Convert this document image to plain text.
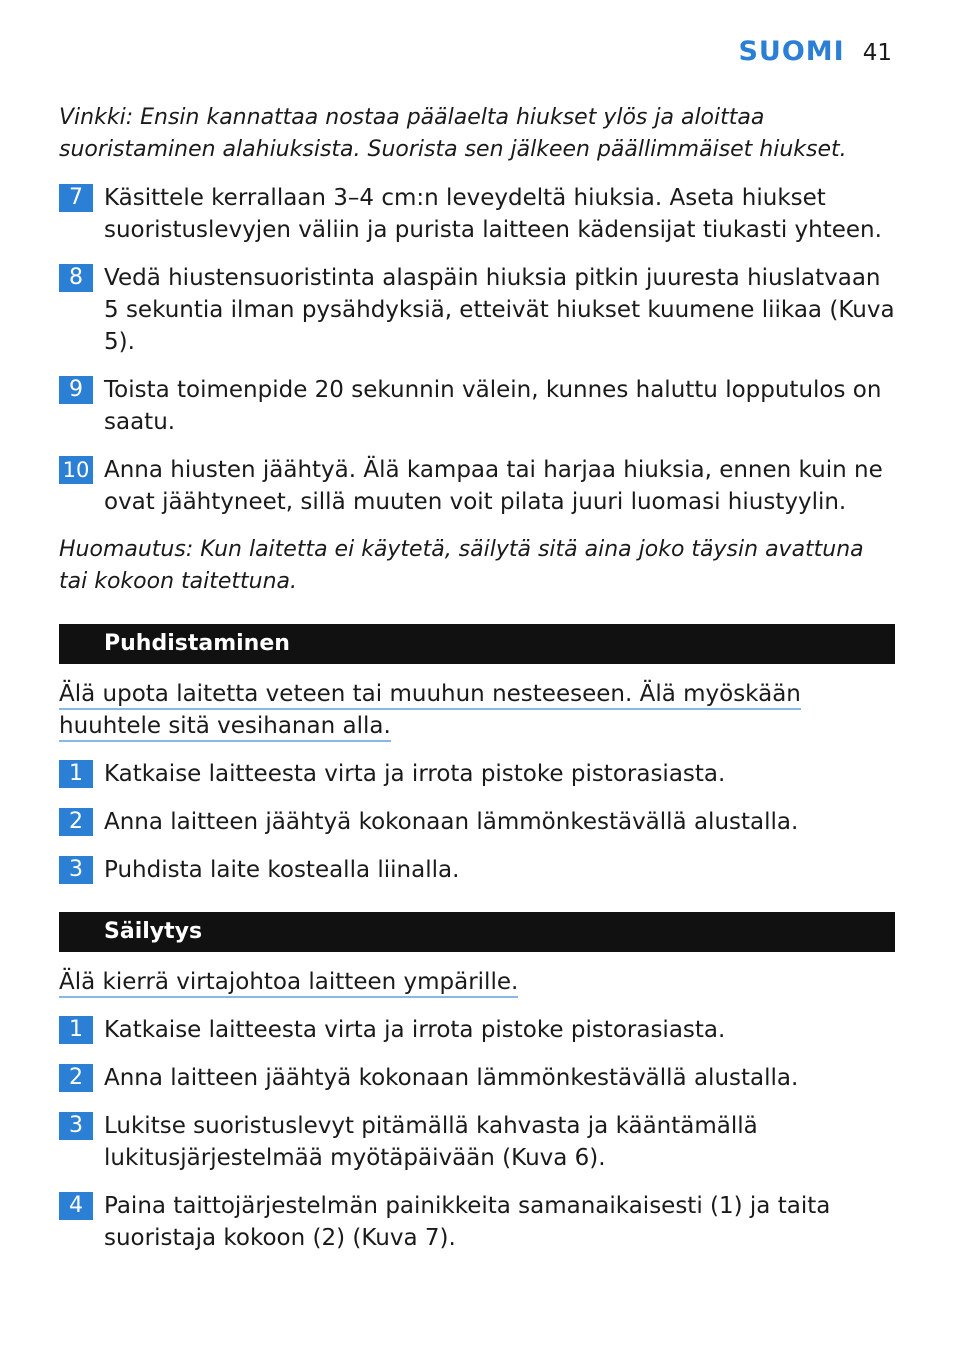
SUOMI 41

Vinkki: Ensin kannattaa nostaa päälaelta hiukset ylös ja aloittaa suoristaminen alahiuksista. Suorista sen jälkeen päällimmäiset hiukset.

7 Käsittele kerrallaan 3–4 cm:n leveydeltä hiuksia. Aseta hiukset suoristuslevyjen väliin ja purista laitteen kädensijat tiukasti yhteen.
8 Vedä hiustensuoristinta alaspäin hiuksia pitkin juuresta hiuslatvaan 5 sekuntia ilman pysähdyksiä, etteivät hiukset kuumene liikaa (Kuva 5).
9 Toista toimenpide 20 sekunnin välein, kunnes haluttu lopputulos on saatu.
10 Anna hiusten jäähtyä. Älä kampaa tai harjaa hiuksia, ennen kuin ne ovat jäähtyneet, sillä muuten voit pilata juuri luomasi hiustyylin.

Huomautus: Kun laitetta ei käytetä, säilytä sitä aina joko täysin avattuna tai kokoon taitettuna.

Puhdistaminen

Älä upota laitetta veteen tai muuhun nesteeseen. Älä myöskään
huuhtele sitä vesihanan alla.

1 Katkaise laitteesta virta ja irrota pistoke pistorasiasta.
2 Anna laitteen jäähtyä kokonaan lämmönkestävällä alustalla.
3 Puhdista laite kostealla liinalla.
Säilytys

Älä kierrä virtajohtoa laitteen ympärille.

1 Katkaise laitteesta virta ja irrota pistoke pistorasiasta.
2 Anna laitteen jäähtyä kokonaan lämmönkestävällä alustalla.
3 Lukitse suoristuslevyt pitämällä kahvasta ja kääntämällä lukitusjärjestelmää myötäpäivään (Kuva 6).
4 Paina taittojärjestelmän painikkeita samanaikaisesti (1) ja taita suoristaja kokoon (2) (Kuva 7).
